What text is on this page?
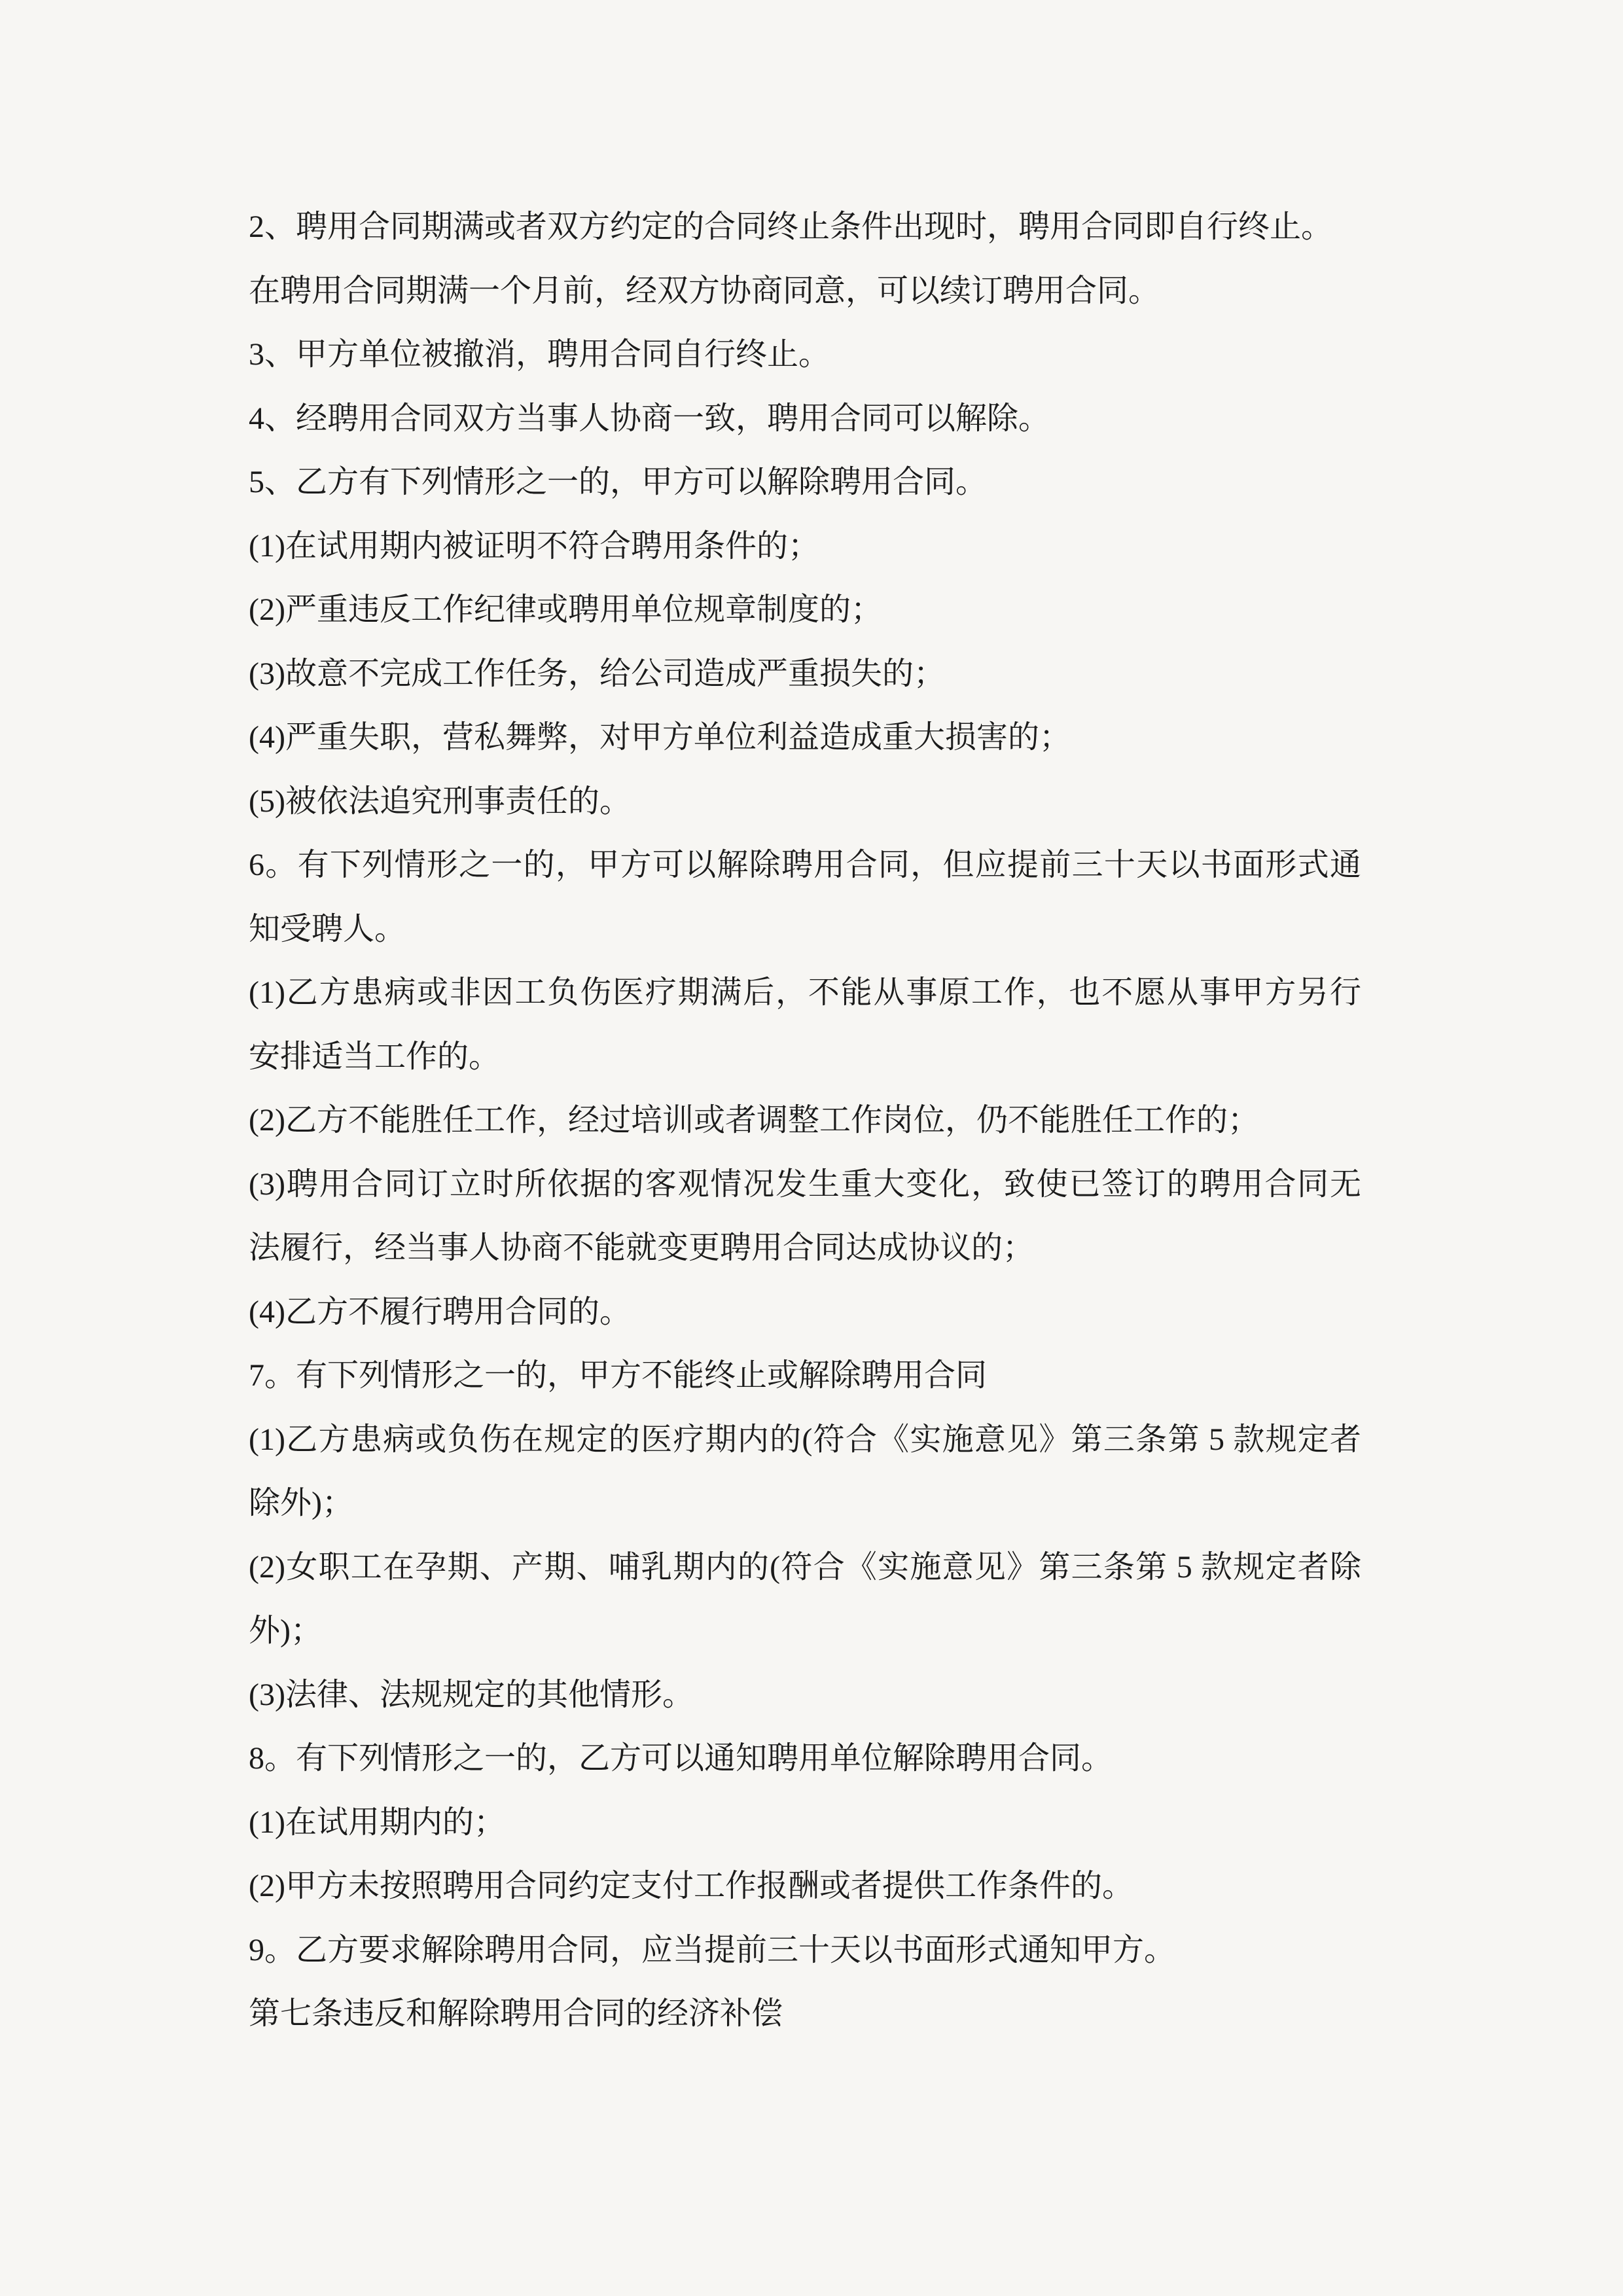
2、聘用合同期满或者双方约定的合同终止条件出现时，聘用合同即自行终止。
在聘用合同期满一个月前，经双方协商同意，可以续订聘用合同。
3、甲方单位被撤消，聘用合同自行终止。
4、经聘用合同双方当事人协商一致，聘用合同可以解除。
5、乙方有下列情形之一的，甲方可以解除聘用合同。
(1)在试用期内被证明不符合聘用条件的；
(2)严重违反工作纪律或聘用单位规章制度的；
(3)故意不完成工作任务，给公司造成严重损失的；
(4)严重失职，营私舞弊，对甲方单位利益造成重大损害的；
(5)被依法追究刑事责任的。
6。有下列情形之一的，甲方可以解除聘用合同，但应提前三十天以书面形式通
知受聘人。
(1)乙方患病或非因工负伤医疗期满后，不能从事原工作，也不愿从事甲方另行
安排适当工作的。
(2)乙方不能胜任工作，经过培训或者调整工作岗位，仍不能胜任工作的；
(3)聘用合同订立时所依据的客观情况发生重大变化，致使已签订的聘用合同无
法履行，经当事人协商不能就变更聘用合同达成协议的；
(4)乙方不履行聘用合同的。
7。有下列情形之一的，甲方不能终止或解除聘用合同
(1)乙方患病或负伤在规定的医疗期内的(符合《实施意见》第三条第 5 款规定者
除外)；
(2)女职工在孕期、产期、哺乳期内的(符合《实施意见》第三条第 5 款规定者除
外)；
(3)法律、法规规定的其他情形。
8。有下列情形之一的，乙方可以通知聘用单位解除聘用合同。
(1)在试用期内的；
(2)甲方未按照聘用合同约定支付工作报酬或者提供工作条件的。
9。乙方要求解除聘用合同，应当提前三十天以书面形式通知甲方。
第七条违反和解除聘用合同的经济补偿
